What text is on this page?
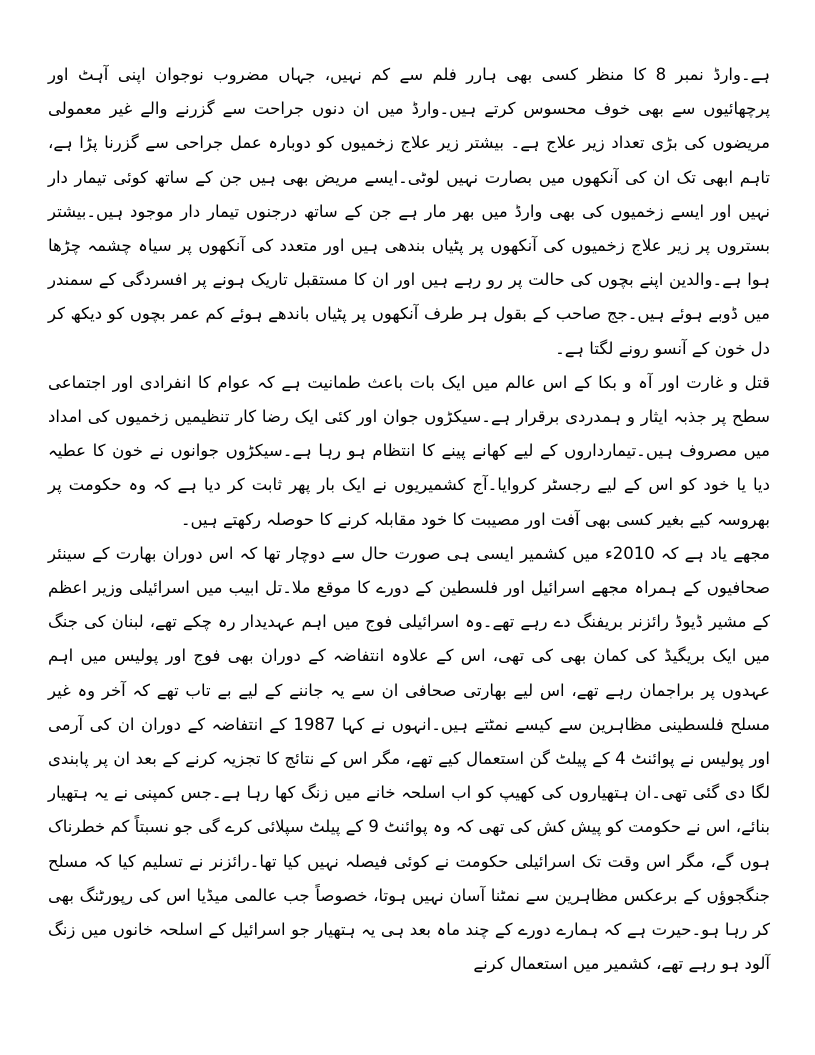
ہے۔وارڈ نمبر 8 کا منظر کسی بھی ہارر فلم سے کم نہیں، جہاں مضروب نوجوان اپنی آہٹ اور پرچھائیوں سے بھی خوف محسوس کرتے ہیں۔وارڈ میں ان دنوں جراحت سے گزرنے والے غیر معمولی مریضوں کی بڑی تعداد زیر علاج ہے۔ بیشتر زیر علاج زخمیوں کو دوبارہ عمل جراحی سے گزرنا پڑا ہے، تاہم ابھی تک ان کی آنکھوں میں بصارت نہیں لوٹی۔ایسے مریض بھی ہیں جن کے ساتھ کوئی تیمار دار نہیں اور ایسے زخمیوں کی بھی وارڈ میں بھر مار ہے جن کے ساتھ درجنوں تیمار دار موجود ہیں۔بیشتر بستروں پر زیر علاج زخمیوں کی آنکھوں پر پٹیاں بندھی ہیں اور متعدد کی آنکھوں پر سیاہ چشمہ چڑھا ہوا ہے۔والدین اپنے بچوں کی حالت پر رو رہے ہیں اور ان کا مستقبل تاریک ہونے پر افسردگی کے سمندر میں ڈوبے ہوئے ہیں۔جج صاحب کے بقول ہر طرف آنکھوں پر پٹیاں باندھے ہوئے کم عمر بچوں کو دیکھ کر دل خون کے آنسو رونے لگتا ہے۔

قتل و غارت اور آہ و بکا کے اس عالم میں ایک بات باعث طمانیت ہے کہ عوام کا انفرادی اور اجتماعی سطح پر جذبہ ایثار و ہمدردی برقرار ہے۔سیکڑوں جوان اور کئی ایک رضا کار تنظیمیں زخمیوں کی امداد میں مصروف ہیں۔تیمارداروں کے لیے کھانے پینے کا انتظام ہو رہا ہے۔سیکڑوں جوانوں نے خون کا عطیہ دیا یا خود کو اس کے لیے رجسٹر کروایا۔آج کشمیریوں نے ایک بار پھر ثابت کر دیا ہے کہ وہ حکومت پر بھروسہ کیے بغیر کسی بھی آفت اور مصیبت کا خود مقابلہ کرنے کا حوصلہ رکھتے ہیں۔

مجھے یاد ہے کہ 2010ء میں کشمیر ایسی ہی صورت حال سے دوچار تھا کہ اس دوران بھارت کے سینئر صحافیوں کے ہمراہ مجھے اسرائیل اور فلسطین کے دورے کا موقع ملا۔تل ابیب میں اسرائیلی وزیر اعظم کے مشیر ڈیوڈ رائزنر بریفنگ دے رہے تھے۔وہ اسرائیلی فوج میں اہم عہدیدار رہ چکے تھے، لبنان کی جنگ میں ایک بریگیڈ کی کمان بھی کی تھی، اس کے علاوہ انتفاضہ کے دوران بھی فوج اور پولیس میں اہم عہدوں پر براجمان رہے تھے، اس لیے بھارتی صحافی ان سے یہ جاننے کے لیے بے تاب تھے کہ آخر وہ غیر مسلح فلسطینی مظاہرین سے کیسے نمٹتے ہیں۔انہوں نے کہا 1987 کے انتفاضہ کے دوران ان کی آرمی اور پولیس نے پوائنٹ 4 کے پیلٹ گن استعمال کیے تھے، مگر اس کے نتائج کا تجزیہ کرنے کے بعد ان پر پابندی لگا دی گئی تھی۔ان ہتھیاروں کی کھیپ کو اب اسلحہ خانے میں زنگ کھا رہا ہے۔جس کمپنی نے یہ ہتھیار بنائے، اس نے حکومت کو پیش کش کی تھی کہ وہ پوائنٹ 9 کے پیلٹ سپلائی کرے گی جو نسبتاً کم خطرناک ہوں گے، مگر اس وقت تک اسرائیلی حکومت نے کوئی فیصلہ نہیں کیا تھا۔رائزنر نے تسلیم کیا کہ مسلح جنگجوؤں کے برعکس مظاہرین سے نمٹنا آسان نہیں ہوتا، خصوصاً جب عالمی میڈیا اس کی رپورٹنگ بھی کر رہا ہو۔حیرت ہے کہ ہمارے دورے کے چند ماہ بعد ہی یہ ہتھیار جو اسرائیل کے اسلحہ خانوں میں زنگ آلود ہو رہے تھے، کشمیر میں استعمال کرنے
